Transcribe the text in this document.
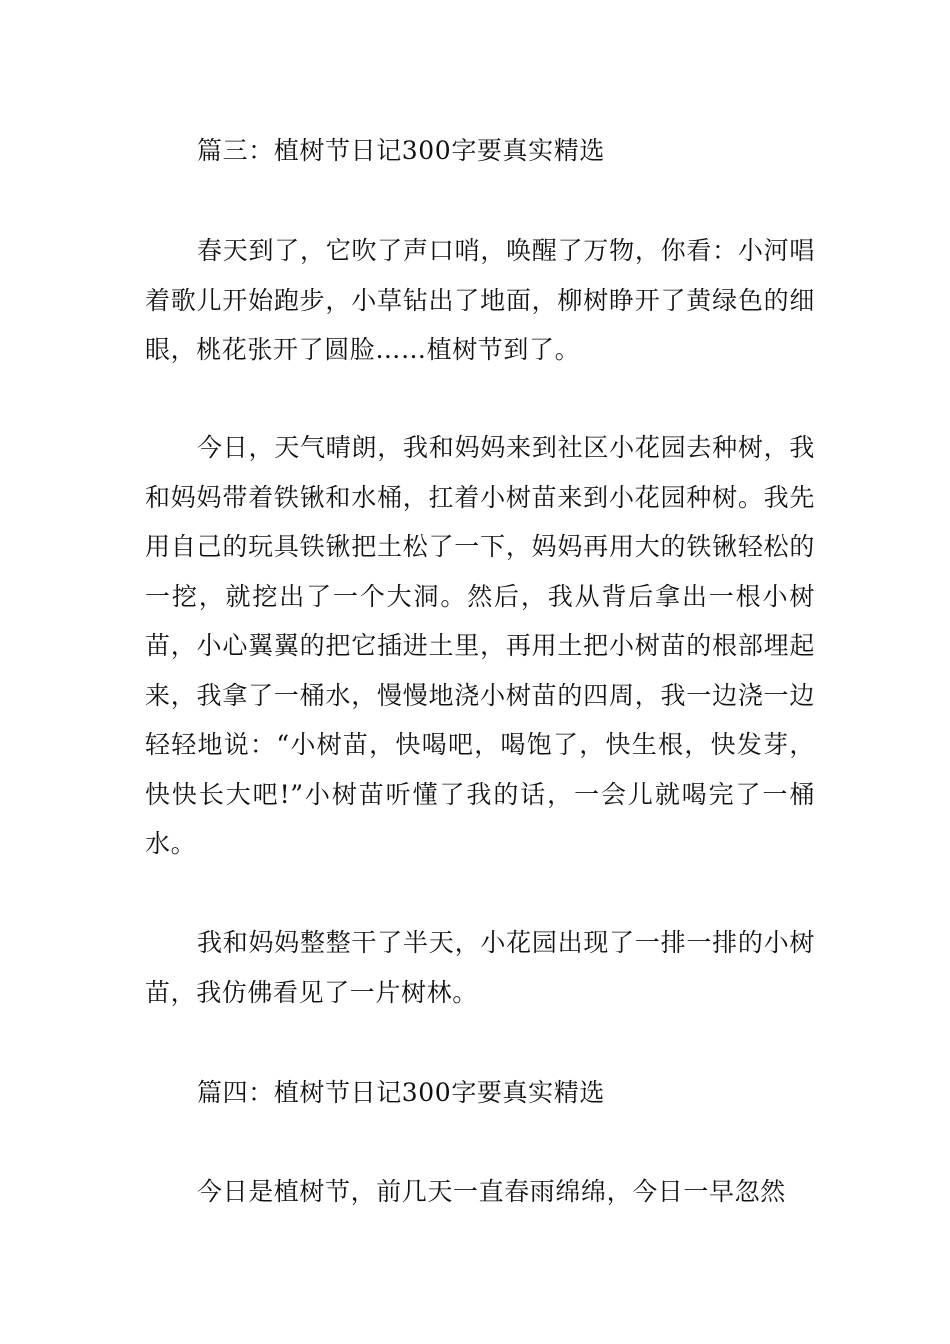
篇三：植树节日记300字要真实精选

春天到了，它吹了声口哨，唤醒了万物，你看：小河唱着歌儿开始跑步，小草钻出了地面，柳树睁开了黄绿色的细眼，桃花张开了圆脸……植树节到了。

今日，天气晴朗，我和妈妈来到社区小花园去种树，我和妈妈带着铁锹和水桶，扛着小树苗来到小花园种树。我先用自己的玩具铁锹把土松了一下，妈妈再用大的铁锹轻松的一挖，就挖出了一个大洞。然后，我从背后拿出一根小树苗，小心翼翼的把它插进土里，再用土把小树苗的根部埋起来，我拿了一桶水，慢慢地浇小树苗的四周，我一边浇一边轻轻地说：“小树苗，快喝吧，喝饱了，快生根，快发芽，快快长大吧!”小树苗听懂了我的话，一会儿就喝完了一桶水。

我和妈妈整整干了半天，小花园出现了一排一排的小树苗，我仿佛看见了一片树林。

篇四：植树节日记300字要真实精选

今日是植树节，前几天一直春雨绵绵，今日一早忽然
